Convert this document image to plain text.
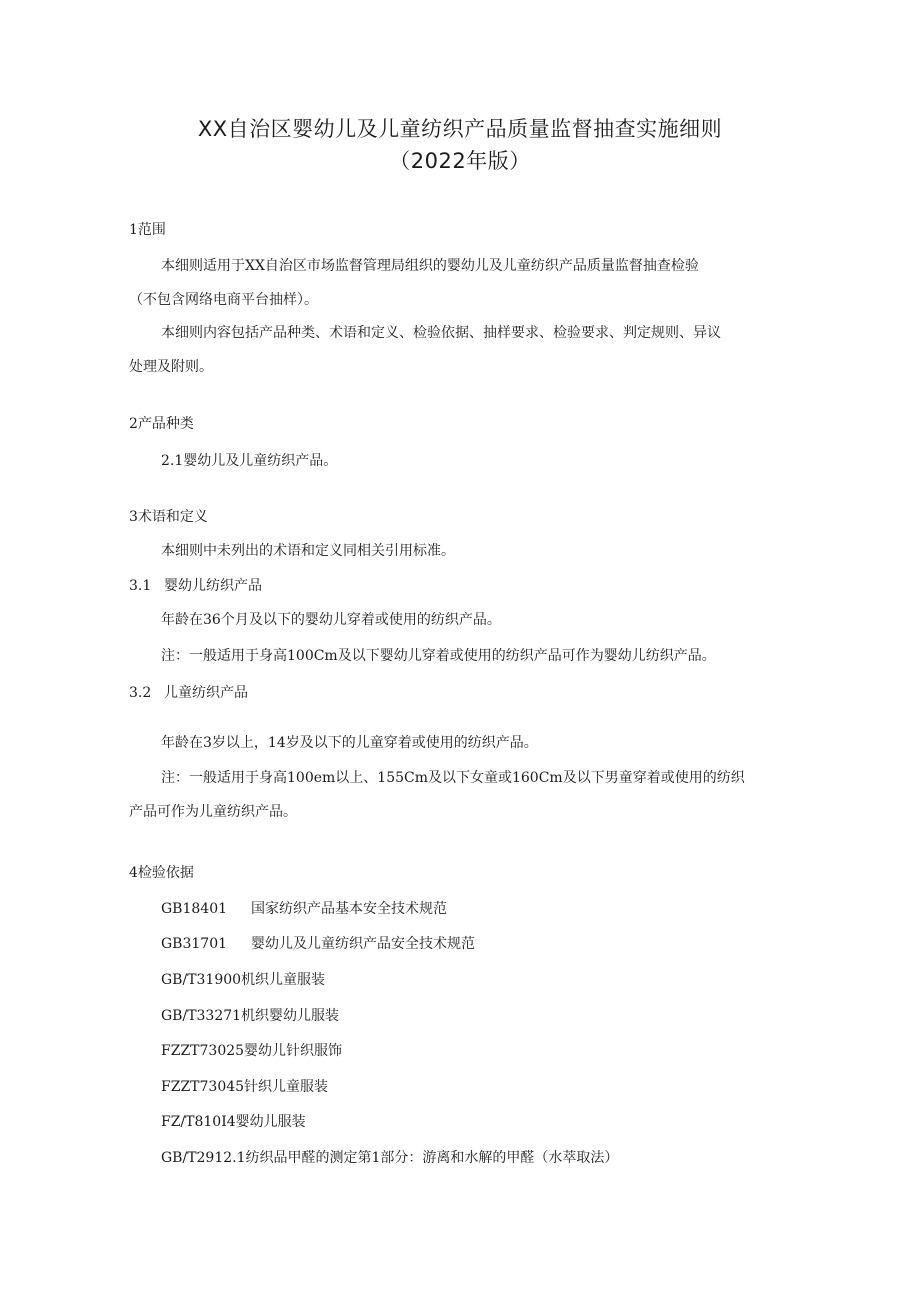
XX自治区婴幼儿及儿童纺织产品质量监督抽查实施细则
（2022年版）
1范围
本细则适用于XX自治区市场监督管理局组织的婴幼儿及儿童纺织产品质量监督抽查检验
（不包含网络电商平台抽样）。
本细则内容包括产品种类、术语和定义、检验依据、抽样要求、检验要求、判定规则、异议
处理及附则。
2产品种类
2.1婴幼儿及儿童纺织产品。
3术语和定义
本细则中未列出的术语和定义同相关引用标准。
3.1 婴幼儿纺织产品
年龄在36个月及以下的婴幼儿穿着或使用的纺织产品。
注：一般适用于身高100Cm及以下婴幼儿穿着或使用的纺织产品可作为婴幼儿纺织产品。
3.2 儿童纺织产品
年龄在3岁以上，14岁及以下的儿童穿着或使用的纺织产品。
注：一般适用于身高100em以上、155Cm及以下女童或160Cm及以下男童穿着或使用的纺织
产品可作为儿童纺织产品。
4检验依据
GB18401 国家纺织产品基本安全技术规范
GB31701 婴幼儿及儿童纺织产品安全技术规范
GB/T31900机织儿童服装
GB/T33271机织婴幼儿服装
FZZT73025婴幼儿针织服饰
FZZT73045针织儿童服装
FZ/T810I4婴幼儿服装
GB/T2912.1纺织品甲醛的测定第1部分：游离和水解的甲醛（水萃取法）
